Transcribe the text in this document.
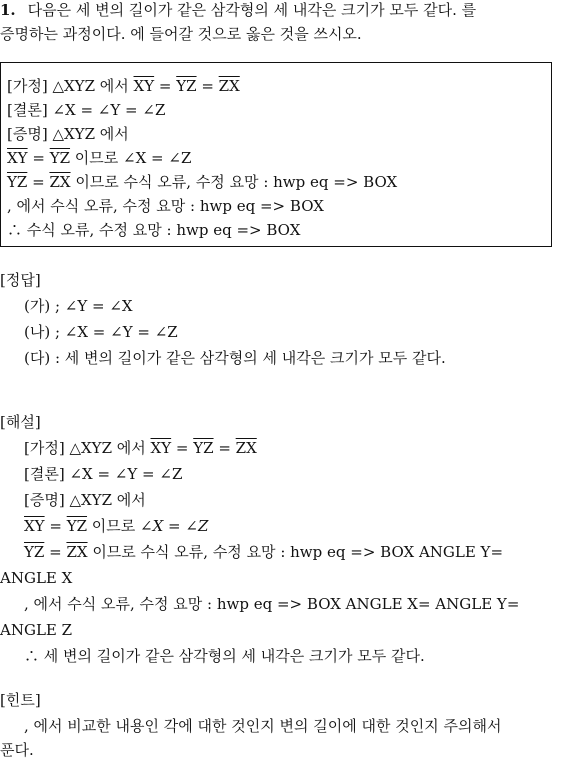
1. 다음은 세 변의 길이가 같은 삼각형의 세 내각은 크기가 모두 같다. 를
증명하는 과정이다. 에 들어갈 것으로 옳은 것을 쓰시오.
[가정] △XYZ 에서 $\overline{XY} = \overline{YZ} = \overline{ZX}$
[결론] ∠X = ∠Y = ∠Z
[증명] △XYZ 에서
$\overline{XY} = \overline{YZ}$ 이므로 ∠X = ∠Z
$\overline{YZ} = \overline{ZX}$ 이므로 수식 오류, 수정 요망 : hwp eq => BOX
, 에서 수식 오류, 수정 요망 : hwp eq => BOX
∴ 수식 오류, 수정 요망 : hwp eq => BOX
[정답]
(가) ; ∠Y = ∠X
(나) ; ∠X = ∠Y = ∠Z
(다) : 세 변의 길이가 같은 삼각형의 세 내각은 크기가 모두 같다.
[해설]
[가정] △XYZ 에서 $\overline{XY} = \overline{YZ} = \overline{ZX}$
[결론] ∠X = ∠Y = ∠Z
[증명] △XYZ 에서
$\overline{XY} = \overline{YZ}$ 이므로 ∠X = ∠Z
$\overline{YZ} = \overline{ZX}$ 이므로 수식 오류, 수정 요망 : hwp eq => BOX ANGLE Y=
ANGLE X
, 에서 수식 오류, 수정 요망 : hwp eq => BOX ANGLE X= ANGLE Y=
ANGLE Z
∴ 세 변의 길이가 같은 삼각형의 세 내각은 크기가 모두 같다.
[힌트]
, 에서 비교한 내용인 각에 대한 것인지 변의 길이에 대한 것인지 주의해서
푼다.
